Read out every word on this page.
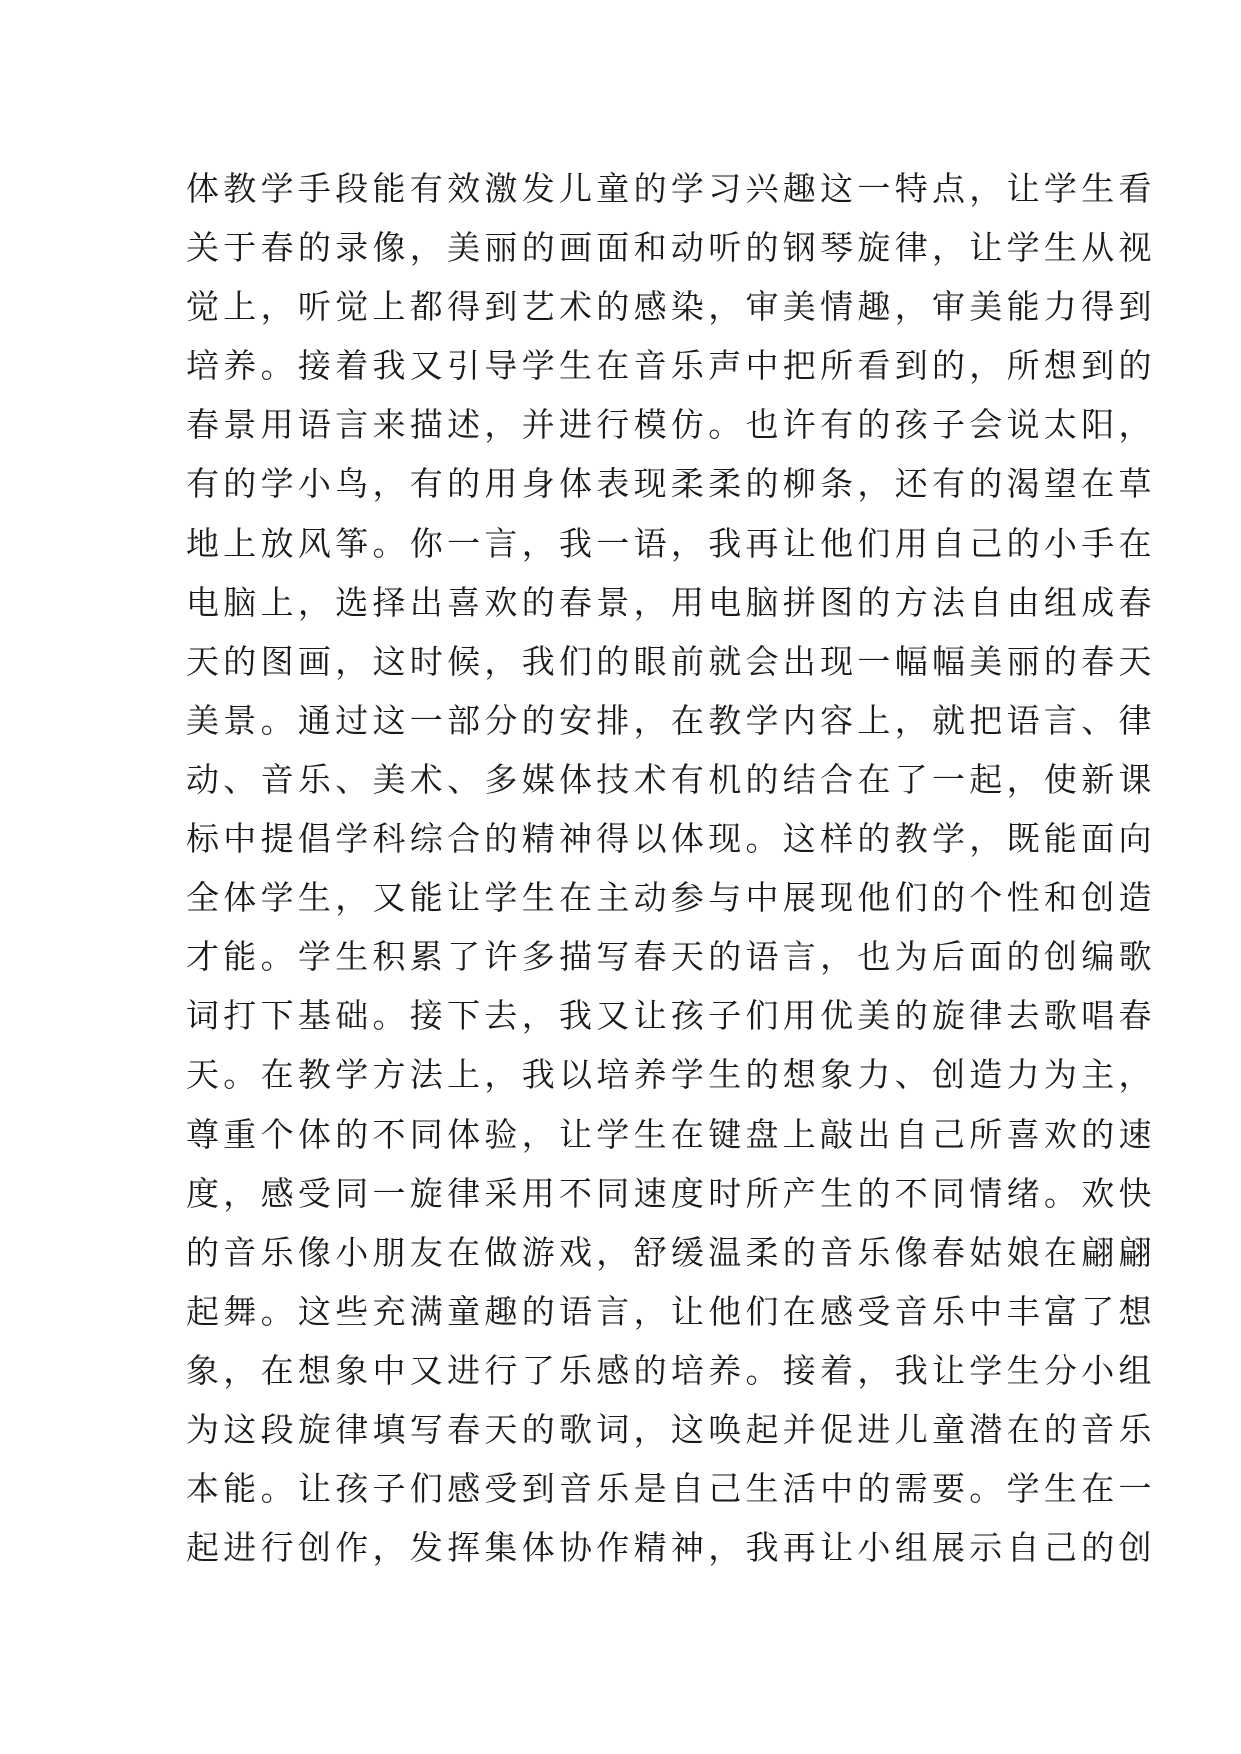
体教学手段能有效激发儿童的学习兴趣这一特点，让学生看
关于春的录像，美丽的画面和动听的钢琴旋律，让学生从视
觉上，听觉上都得到艺术的感染，审美情趣，审美能力得到
培养。接着我又引导学生在音乐声中把所看到的，所想到的
春景用语言来描述，并进行模仿。也许有的孩子会说太阳，
有的学小鸟，有的用身体表现柔柔的柳条，还有的渴望在草
地上放风筝。你一言，我一语，我再让他们用自己的小手在
电脑上，选择出喜欢的春景，用电脑拼图的方法自由组成春
天的图画，这时候，我们的眼前就会出现一幅幅美丽的春天
美景。通过这一部分的安排，在教学内容上，就把语言、律
动、音乐、美术、多媒体技术有机的结合在了一起，使新课
标中提倡学科综合的精神得以体现。这样的教学，既能面向
全体学生，又能让学生在主动参与中展现他们的个性和创造
才能。学生积累了许多描写春天的语言，也为后面的创编歌
词打下基础。接下去，我又让孩子们用优美的旋律去歌唱春
天。在教学方法上，我以培养学生的想象力、创造力为主，
尊重个体的不同体验，让学生在键盘上敲出自己所喜欢的速
度，感受同一旋律采用不同速度时所产生的不同情绪。欢快
的音乐像小朋友在做游戏，舒缓温柔的音乐像春姑娘在翩翩
起舞。这些充满童趣的语言，让他们在感受音乐中丰富了想
象，在想象中又进行了乐感的培养。接着，我让学生分小组
为这段旋律填写春天的歌词，这唤起并促进儿童潜在的音乐
本能。让孩子们感受到音乐是自己生活中的需要。学生在一
起进行创作，发挥集体协作精神，我再让小组展示自己的创
